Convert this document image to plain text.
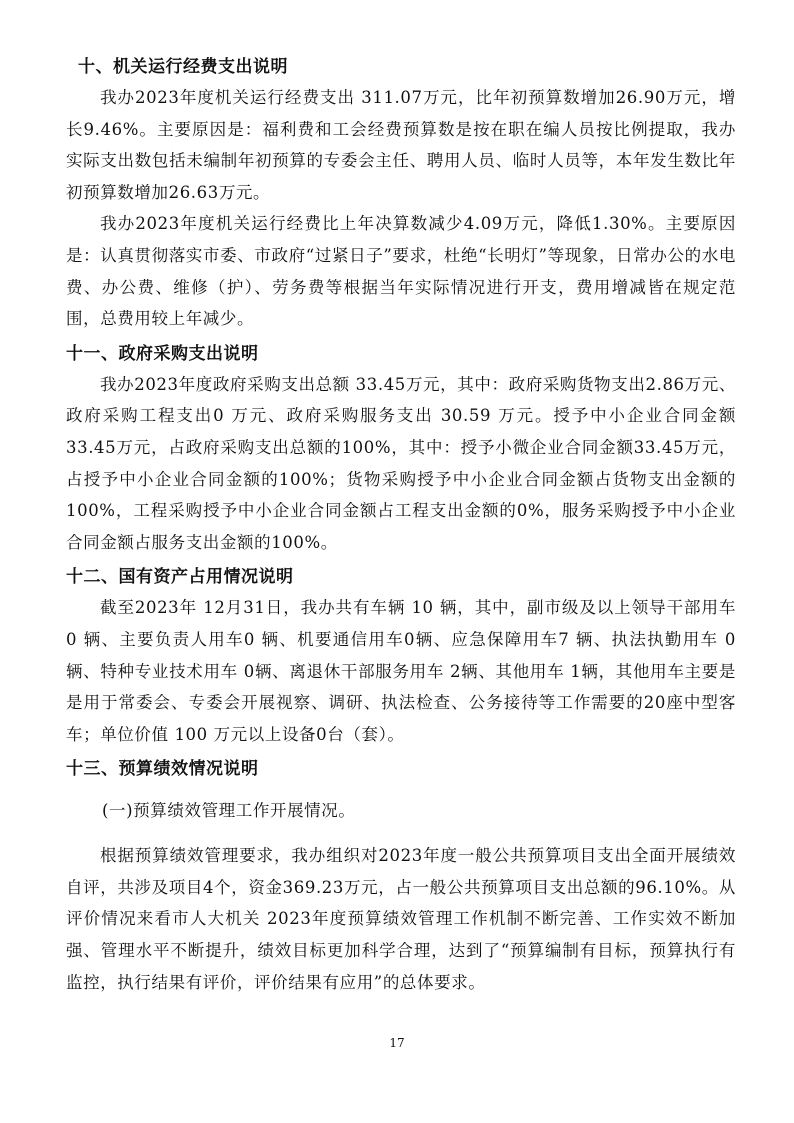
十、机关运行经费支出说明

我办2023年度机关运行经费支出 311.07万元，比年初预算数增加26.90万元，增长9.46%。主要原因是：福利费和工会经费预算数是按在职在编人员按比例提取，我办实际支出数包括未编制年初预算的专委会主任、聘用人员、临时人员等，本年发生数比年初预算数增加26.63万元。

我办2023年度机关运行经费比上年决算数减少4.09万元，降低1.30%。主要原因是：认真贯彻落实市委、市政府“过紧日子”要求，杜绝“长明灯”等现象，日常办公的水电费、办公费、维修（护）、劳务费等根据当年实际情况进行开支，费用增减皆在规定范围，总费用较上年减少。

十一、政府采购支出说明

我办2023年度政府采购支出总额 33.45万元，其中：政府采购货物支出2.86万元、政府采购工程支出0 万元、政府采购服务支出 30.59 万元。授予中小企业合同金额33.45万元，占政府采购支出总额的100%，其中：授予小微企业合同金额33.45万元，占授予中小企业合同金额的100%；货物采购授予中小企业合同金额占货物支出金额的100%，工程采购授予中小企业合同金额占工程支出金额的0%，服务采购授予中小企业合同金额占服务支出金额的100%。

十二、国有资产占用情况说明

截至2023年 12月31日，我办共有车辆 10 辆，其中，副市级及以上领导干部用车 0 辆、主要负责人用车0 辆、机要通信用车0辆、应急保障用车7 辆、执法执勤用车 0辆、特种专业技术用车 0辆、离退休干部服务用车 2辆、其他用车 1辆，其他用车主要是是用于常委会、专委会开展视察、调研、执法检查、公务接待等工作需要的20座中型客车；单位价值 100 万元以上设备0台（套）。

十三、预算绩效情况说明

(一)预算绩效管理工作开展情况。

根据预算绩效管理要求，我办组织对2023年度一般公共预算项目支出全面开展绩效自评，共涉及项目4个，资金369.23万元，占一般公共预算项目支出总额的96.10%。从评价情况来看市人大机关 2023年度预算绩效管理工作机制不断完善、工作实效不断加强、管理水平不断提升，绩效目标更加科学合理，达到了“预算编制有目标，预算执行有监控，执行结果有评价，评价结果有应用”的总体要求。

17
